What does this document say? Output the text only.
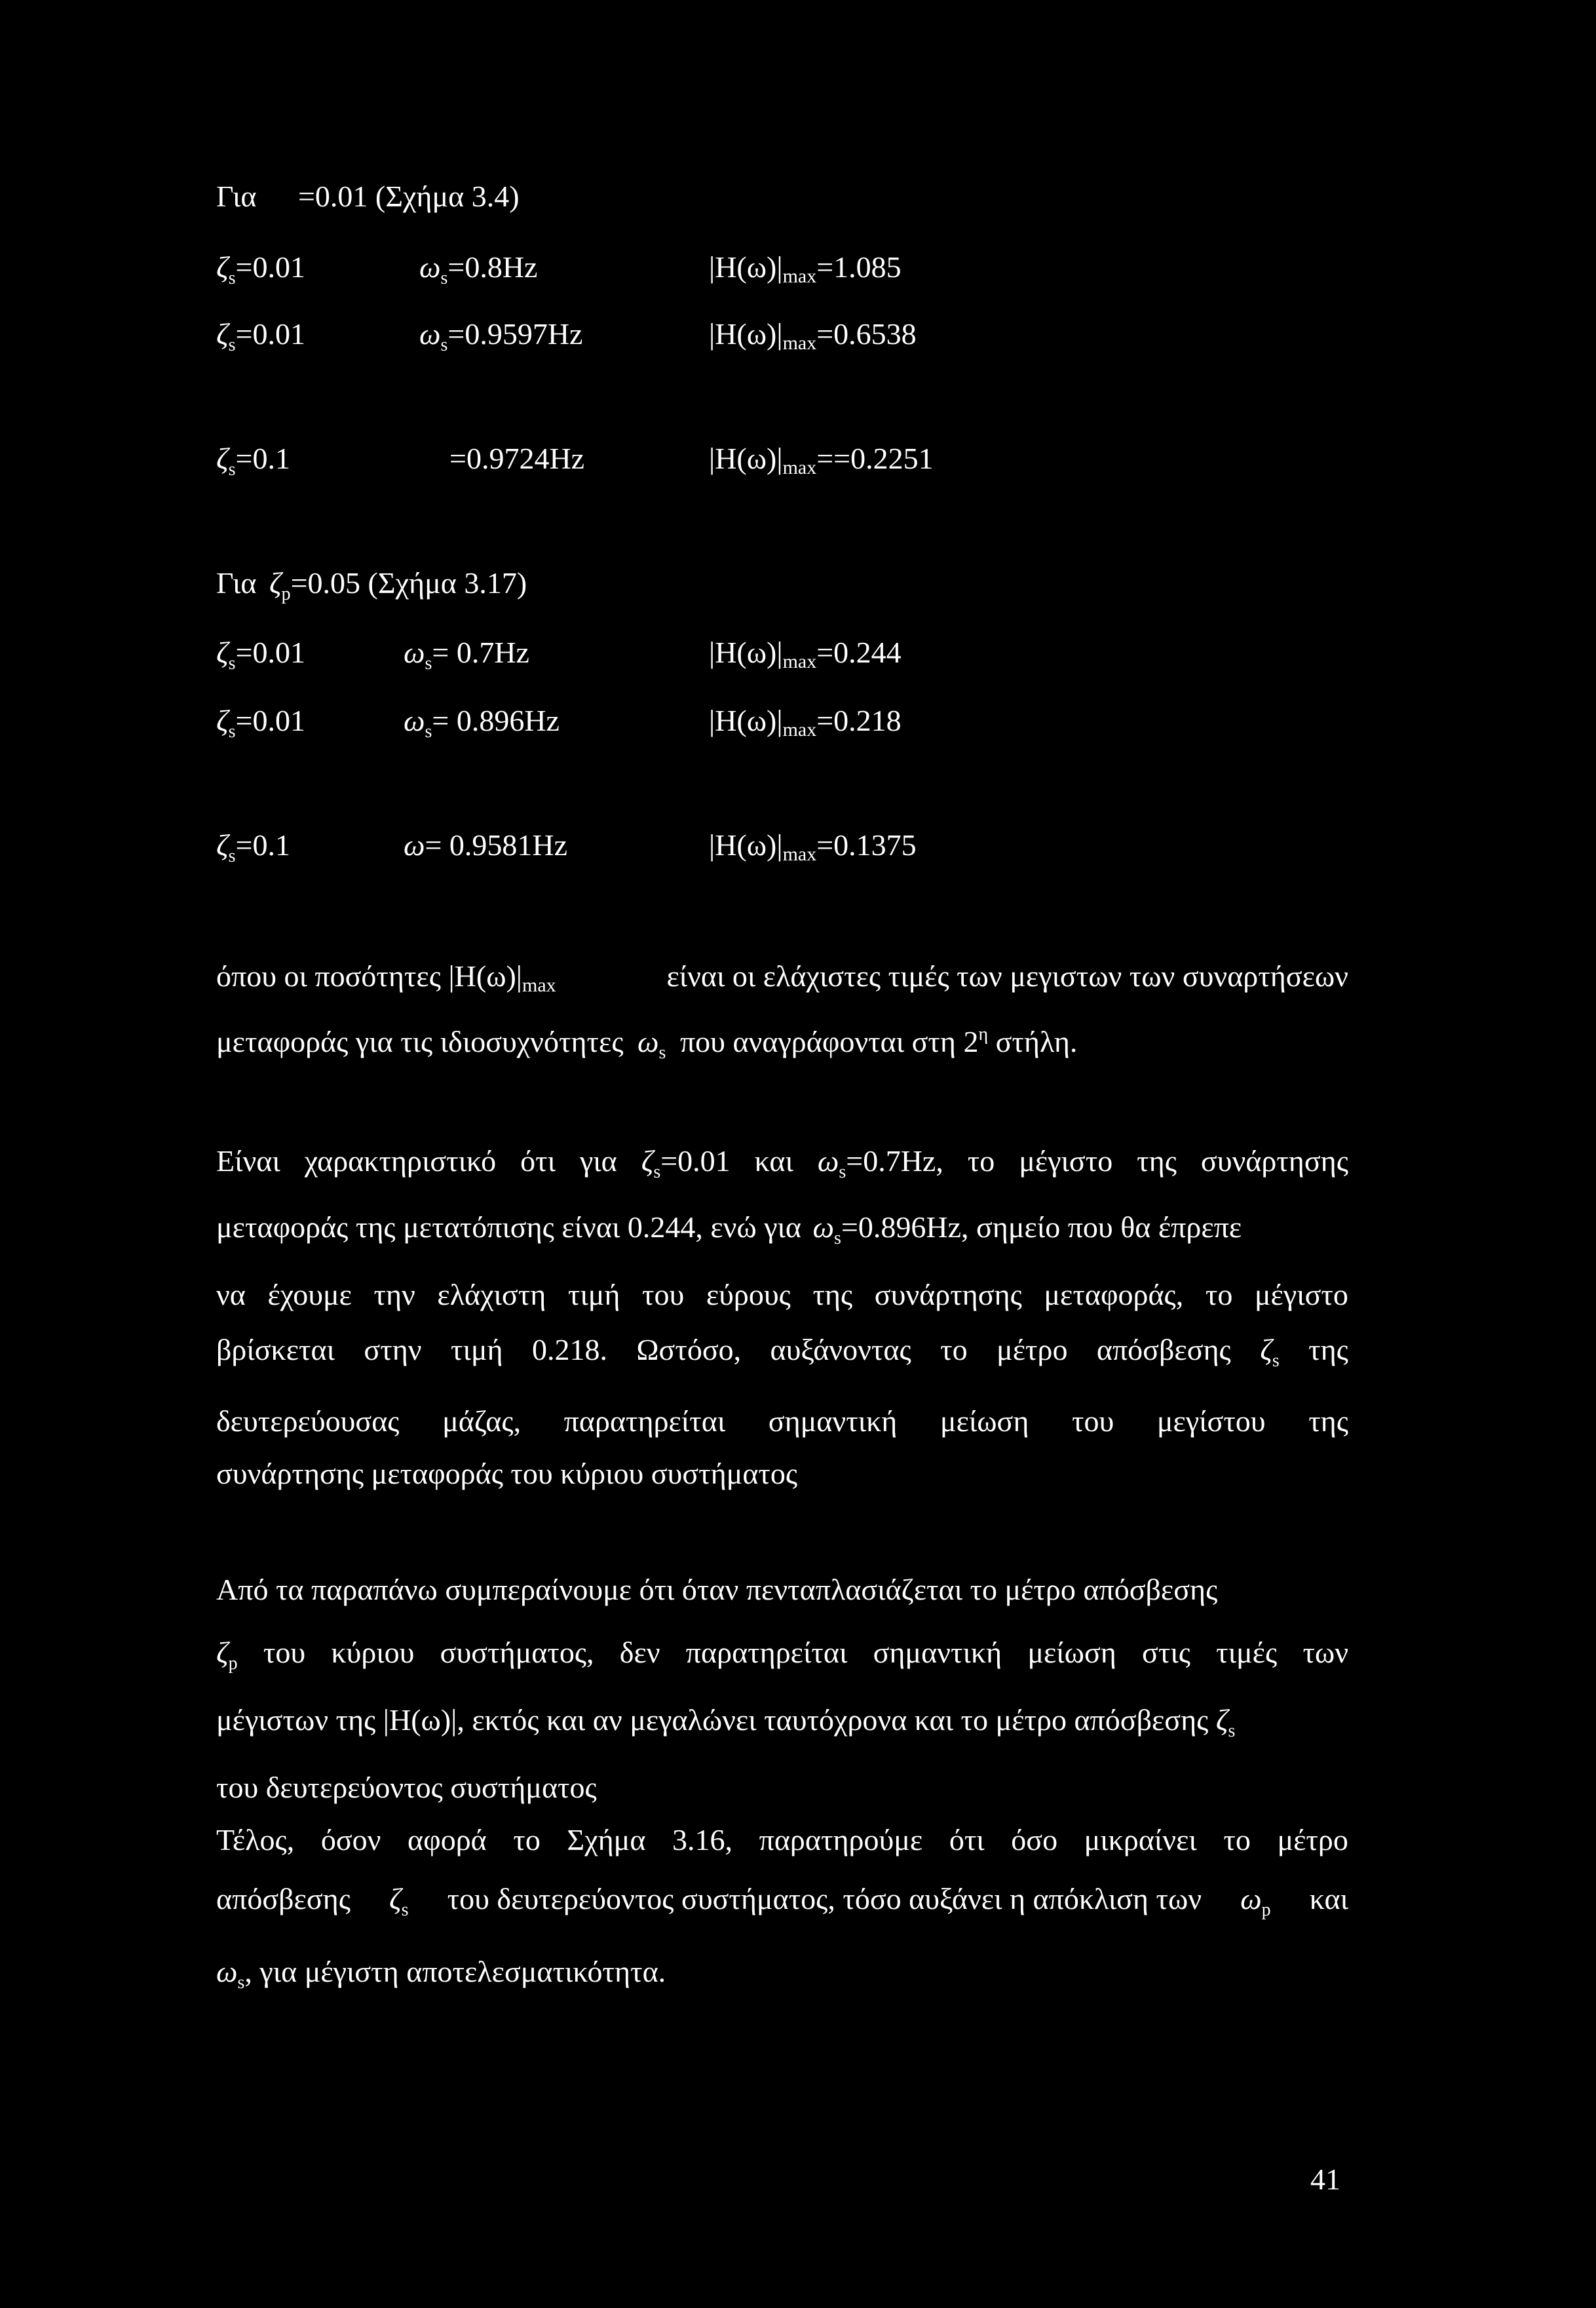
Για =0.01 (Σχήμα 3.4)
$\zeta_s=0.01$	$\omega_s=0.8Hz$	|H(ω)|max=1.085
$\zeta_s=0.01$	$\omega_s=0.9597Hz$	|H(ω)|max=0.6538
$\zeta_s=0.1$	=0.9724Hz	|H(ω)|max==0.2251
Για $\zeta_p=0.05$ (Σχήμα 3.17)
$\zeta_s=0.01$	$\omega_s= 0.7Hz$	|H(ω)|max=0.244
$\zeta_s=0.01$	$\omega_s= 0.896Hz$	|H(ω)|max=0.218
$\zeta_s=0.1$	ω= 0.9581Hz	|H(ω)|max=0.1375
όπου οι ποσότητες |H(ω)|max	είναι οι ελάχιστες τιμές των μεγιστων των συναρτήσεων
μεταφοράς για τις ιδιοσυχνότητες $\omega_s$ που αναγράφονται στη $2^\eta$ στήλη.
Είναι χαρακτηριστικό ότι για $\zeta_s=0.01$ και $\omega_s=0.7Hz$, το μέγιστο της συνάρτησης
μεταφοράς της μετατόπισης είναι 0.244, ενώ για $\omega_s=0.896Hz$, σημείο που θα έπρεπε
να έχουμε την ελάχιστη τιμή του εύρους της συνάρτησης μεταφοράς, το μέγιστο
βρίσκεται στην τιμή 0.218. Ωστόσο, αυξάνοντας το μέτρο απόσβεσης $\zeta_s$ της
δευτερεύουσας μάζας, παρατηρείται σημαντική μείωση του μεγίστου της
συνάρτησης μεταφοράς του κύριου συστήματος
Από τα παραπάνω συμπεραίνουμε ότι όταν πενταπλασιάζεται το μέτρο απόσβεσης
$\zeta_p$ του κύριου συστήματος, δεν παρατηρείται σημαντική μείωση στις τιμές των
μέγιστων της |H(ω)|, εκτός και αν μεγαλώνει ταυτόχρονα και το μέτρο απόσβεσης $\zeta_s$
του δευτερεύοντος συστήματος
Τέλος, όσον αφορά το Σχήμα 3.16, παρατηρούμε ότι όσο μικραίνει το μέτρο
απόσβεσης $\zeta_s$ του δευτερεύοντος συστήματος, τόσο αυξάνει η απόκλιση των $\omega_p$ και
$\omega_s$, για μέγιστη αποτελεσματικότητα.
41
